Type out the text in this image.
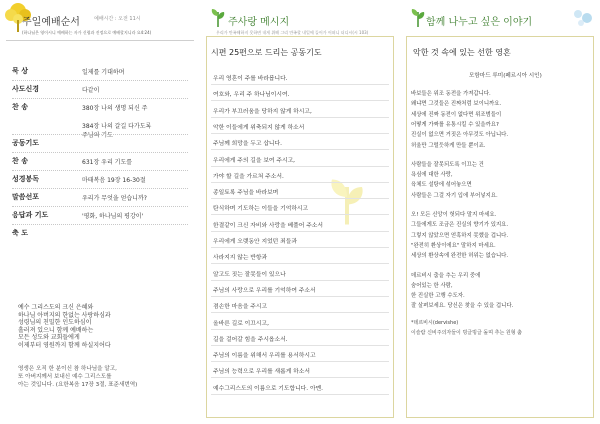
주일예배순서	예배시간 : 오전 11시
(하나님은 영이시니 예배하는 자가 신령과 진정으로 예배할지니라 요4:24)
묵 상	일제를 기대하며
사도신경	다같이
찬 송	380장 나의 생명 되신 주
384장 나의 갈길 다가도록
주님의 기도
공동기도
찬 송	631장 우리 기도를
성경봉독	마태복음 19장 16-30절
말씀선포	우리가 무엇을 얻습니까?
응답과 기도	'평화, 하나님의 평강이'
축 도
예수 그리스도의 크신 은혜와
하나님 아버지의 한없는 사랑하심과
성령님의 친밀한 인도하심이
흘러져 있으니 함께 예배하는
모든 성도와 교회들에게
이제부터 영원까지 함께 하실지어다
영생은 오직 한 분이신 참 하나님을 알고,
또 아버지께서 보내신 예수 그리스도를
아는 것입니다. (요한복음 17장 3절, 표준새번역)
주사랑 메시지
우리가 만족해하지 못하면 내게 위해 그리 만족할 내일에 들어가 어떠니 더디시(시 103)
시편 25편으로 드리는 공동기도
우리 영혼이 주를 바라봅니다.
여호와, 우리 주 하나님이시여.
우리가 부끄러움을 당하지 않게 하시고,
악한 이들에게 위축되지 않게 하소서
주님께 희망을 두고 삽니다.
우리에게 주의 길을 보여 주시고,
가야 할 길을 가르쳐 주소서.
종일토록 주님을 바라보며
탄식하며 기도하는 이들을 기억하시고
한결같이 크신 자비와 사랑을 베풀어 주소서
우리에게 오랫동안 지었던 죄들과
사라지지 않는 반항과
알고도 짓는 잘못들이 있으나
주님의 사랑으로 우리를 기억하여 주소서
겸손한 마음을 주시고
올바른 길로 이끄시고,
길을 걸어갈 힘을 주시옵소서.
주님의 이름을 위해서 우리를 용서하시고
주님의 능력으로 우리를 새롭게 하소서
예수그리스도의 이름으로 기도합니다. 아멘.
함께 나누고 싶은 이야기
악한 것 속에 있는 선한 영혼
모함마드 루미(페르시아 시인)
바보들은 위조 동전을 가져갑니다.
왜냐면 그것들은 진짜처럼 보이니까요.
세상에 진짜 동전이 없다면 위조범들이
어떻게 가짜를 유통시킬 수 있을까요?
진실이 없으면 거짓은 아무것도 아닙니다.
허울만 그럴듯하게 만들 뿐이죠.
사람들을 잘못되도록 이끄는 건
욕심에 대한 사랑,
육체도 설탕에 섞어놓으면
사람들은 그걸 자기 입에 부어넣지요.
오! 모든 신앙이 헛되다 말지 마세요.
그들에게도 조금은 진실의 향기가 있지요.
그렇지 않았으면 얻혹하지 못했을 겁니다.
"완전히 환상이에요" 말하지 마세요.
세상의 환상속에 완전한 허위는 없습니다.
데르비시 춤을 추는 우리 중에
숨어있는 한 사람,
한 진실한 고행 수도자.
잘 살펴보세요. 당신은 찾을 수 있을 겁니다.
*데르비시(dervishe)
이슬람 신비주의자들이 빙글빙글 돌며 추는 원형 춤
